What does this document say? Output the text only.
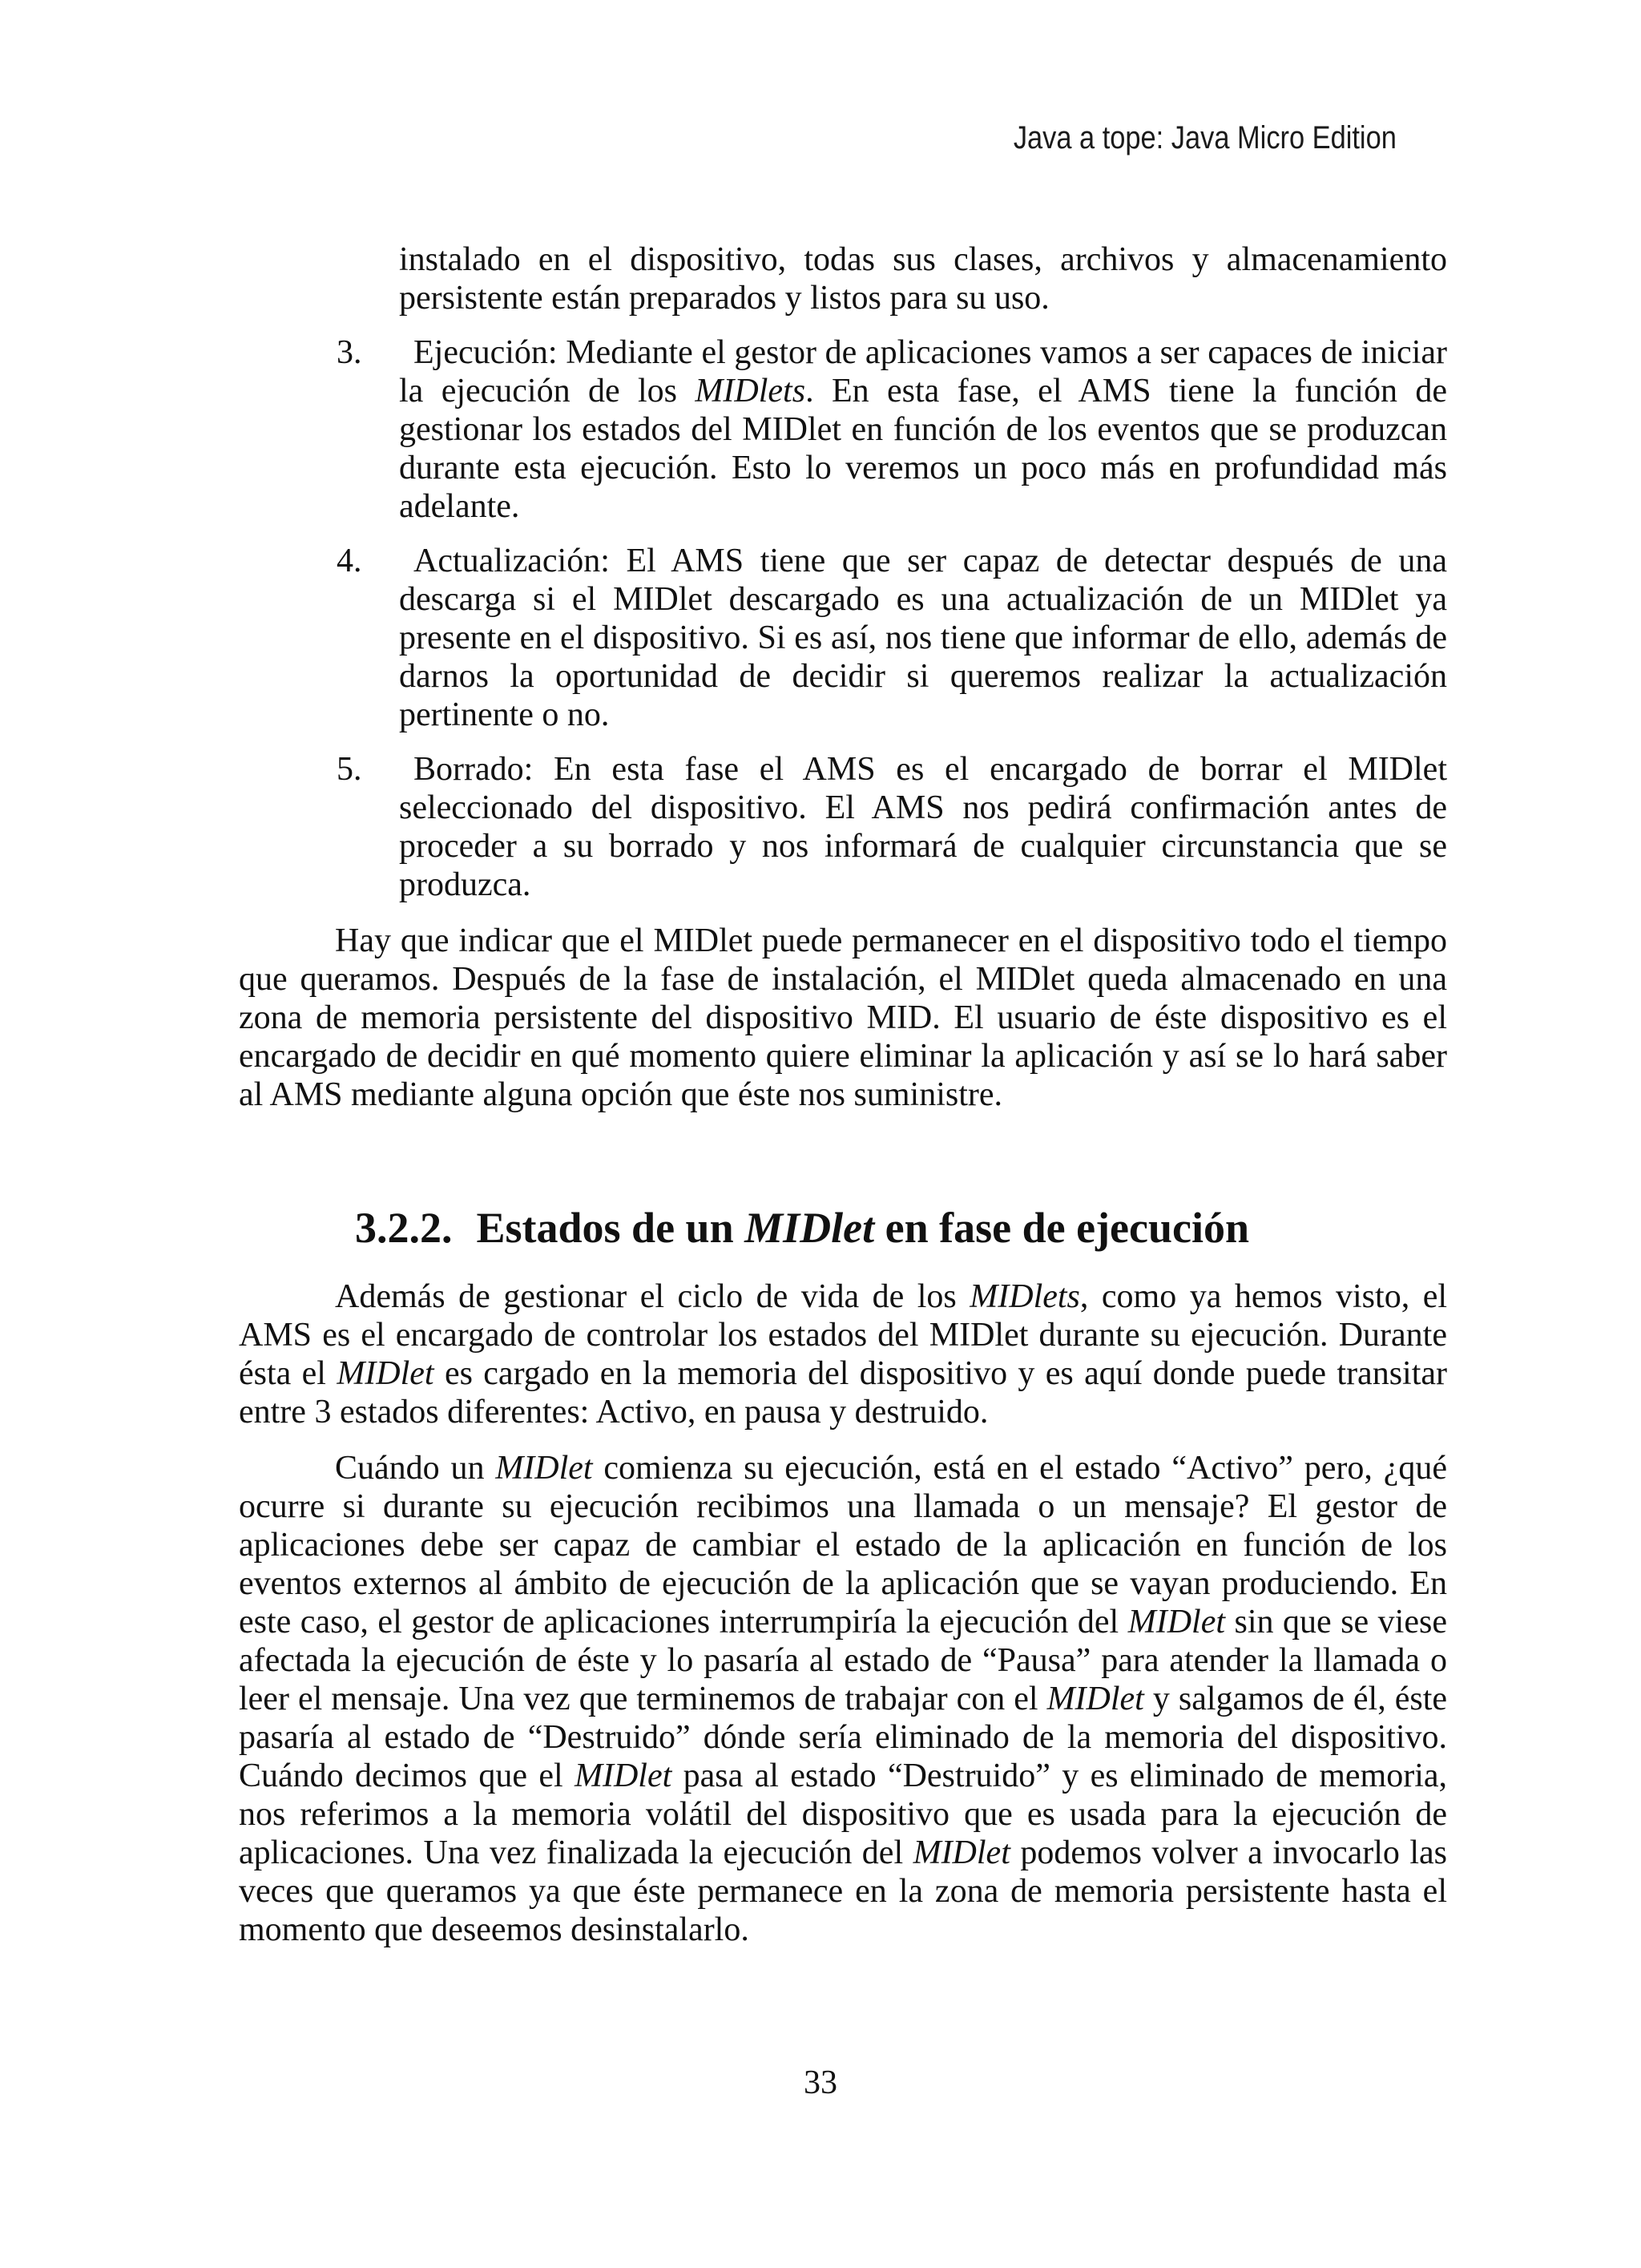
Java a tope: Java Micro Edition

instalado en el dispositivo, todas sus clases, archivos y almacenamiento persistente están preparados y listos para su uso.

3.	Ejecución: Mediante el gestor de aplicaciones vamos a ser capaces de iniciar la ejecución de los MIDlets. En esta fase, el AMS tiene la función de gestionar los estados del MIDlet en función de los eventos que se produzcan durante esta ejecución. Esto lo veremos un poco más en profundidad más adelante.

4.	Actualización: El AMS tiene que ser capaz de detectar después de una descarga si el MIDlet descargado es una actualización de un MIDlet ya presente en el dispositivo. Si es así, nos tiene que informar de ello, además de darnos la oportunidad de decidir si queremos realizar la actualización pertinente o no.

5.	Borrado: En esta fase el AMS es el encargado de borrar el MIDlet seleccionado del dispositivo. El AMS nos pedirá confirmación antes de proceder a su borrado y nos informará de cualquier circunstancia que se produzca.

Hay que indicar que el MIDlet puede permanecer en el dispositivo todo el tiempo que queramos. Después de la fase de instalación, el MIDlet queda almacenado en una zona de memoria persistente del dispositivo MID. El usuario de éste dispositivo es el encargado de decidir en qué momento quiere eliminar la aplicación y así se lo hará saber al AMS mediante alguna opción que éste nos suministre.

3.2.2. Estados de un MIDlet en fase de ejecución

Además de gestionar el ciclo de vida de los MIDlets, como ya hemos visto, el AMS es el encargado de controlar los estados del MIDlet durante su ejecución. Durante ésta el MIDlet es cargado en la memoria del dispositivo y es aquí donde puede transitar entre 3 estados diferentes: Activo, en pausa y destruido.

Cuándo un MIDlet comienza su ejecución, está en el estado “Activo” pero, ¿qué ocurre si durante su ejecución recibimos una llamada o un mensaje? El gestor de aplicaciones debe ser capaz de cambiar el estado de la aplicación en función de los eventos externos al ámbito de ejecución de la aplicación que se vayan produciendo. En este caso, el gestor de aplicaciones interrumpiría la ejecución del MIDlet sin que se viese afectada la ejecución de éste y lo pasaría al estado de “Pausa” para atender la llamada o leer el mensaje. Una vez que terminemos de trabajar con el MIDlet y salgamos de él, éste pasaría al estado de “Destruido” dónde sería eliminado de la memoria del dispositivo. Cuándo decimos que el MIDlet pasa al estado “Destruido” y es eliminado de memoria, nos referimos a la memoria volátil del dispositivo que es usada para la ejecución de aplicaciones. Una vez finalizada la ejecución del MIDlet podemos volver a invocarlo las veces que queramos ya que éste permanece en la zona de memoria persistente hasta el momento que deseemos desinstalarlo.

33
